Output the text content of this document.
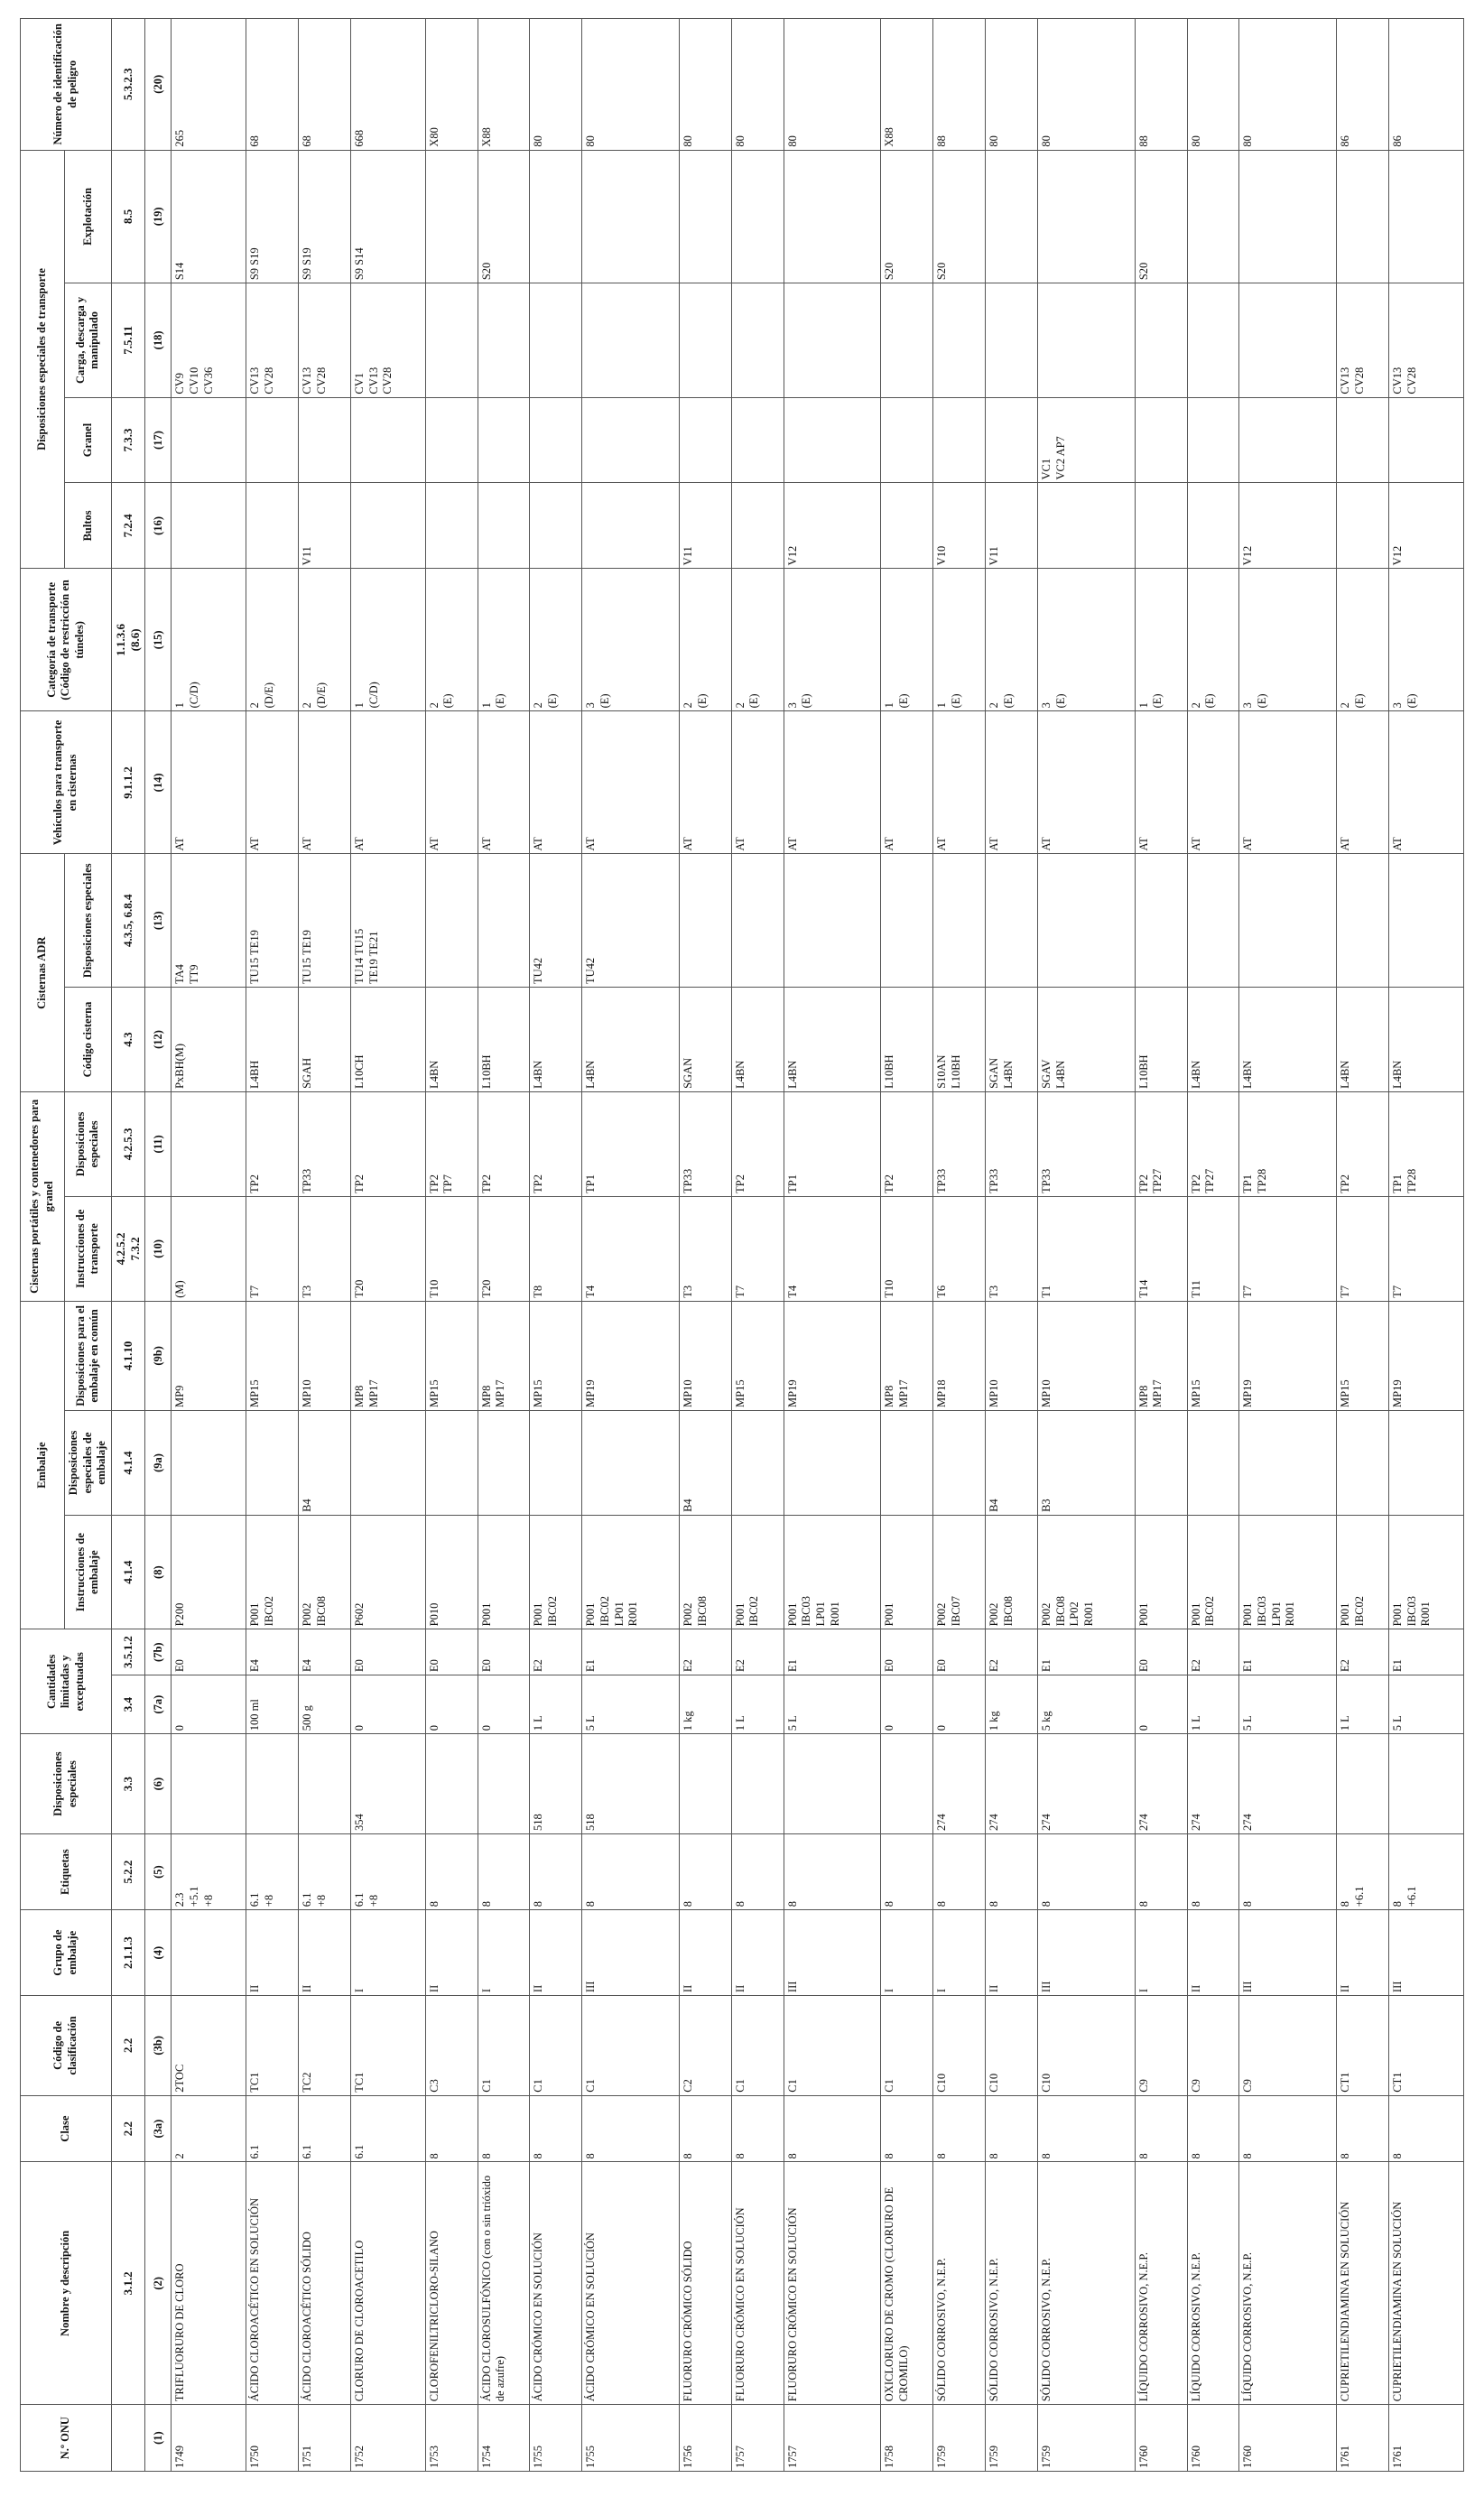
N.º ONU	Nombre y descripción	Clase	Código de clasificación	Grupo de embalaje	Etiquetas	Disposiciones especiales	Cantidades limitadas y exceptuadas		Embalaje			Cisternas portátiles y contenedores para granel		Cisternas ADR		Vehículos para transporte en cisternas	Categoría de transporte (Código de restricción en túneles)	Disposiciones especiales de transporte				Número de identificación de peligro
									Instrucciones de embalaje	Disposiciones especiales de embalaje	Disposiciones para el embalaje en común	Instrucciones de transporte	Disposiciones especiales	Código cisterna	Disposiciones especiales			Bultos	Granel	Carga, descarga y manipulado	Explotación	
	3.1.2	2.2	2.2	2.1.1.3	5.2.2	3.3	3.4	3.5.1.2	4.1.4	4.1.4	4.1.10	4.2.5.2
7.3.2	4.2.5.3	4.3	4.3.5, 6.8.4	9.1.1.2	1.1.3.6
(8.6)	7.2.4	7.3.3	7.5.11	8.5	5.3.2.3
(1)	(2)	(3a)	(3b)	(4)	(5)	(6)	(7a)	(7b)	(8)	(9a)	(9b)	(10)	(11)	(12)	(13)	(14)	(15)	(16)	(17)	(18)	(19)	(20)
1749	TRIFLUORURO DE CLORO	2	2TOC		2.3
+5.1
+8		0	E0	P200		MP9	(M)		PxBH(M)	TA4
TT9	AT	1
(C/D)			CV9
CV10
CV36	S14	265
1750	ÁCIDO CLOROACÉTICO EN SOLUCIÓN	6.1	TC1	II	6.1
+8		100 ml	E4	P001
IBC02		MP15	T7	TP2	L4BH	TU15 TE19	AT	2
(D/E)			CV13
CV28	S9 S19	68
1751	ÁCIDO CLOROACÉTICO SÓLIDO	6.1	TC2	II	6.1
+8		500 g	E4	P002
IBC08	B4	MP10	T3	TP33	SGAH	TU15 TE19	AT	2
(D/E)	V11		CV13
CV28	S9 S19	68
1752	CLORURO DE CLOROACETILO	6.1	TC1	I	6.1
+8	354	0	E0	P602		MP8
MP17	T20	TP2	L10CH	TU14 TU15
TE19 TE21	AT	1
(C/D)			CV1
CV13
CV28	S9 S14	668
1753	CLOROFENILTRICLORO-SILANO	8	C3	II	8		0	E0	P010		MP15	T10	TP2
TP7	L4BN		AT	2
(E)					X80
1754	ÁCIDO CLOROSULFÓNICO (con o sin trióxido de azufre)	8	C1	I	8		0	E0	P001		MP8
MP17	T20	TP2	L10BH		AT	1
(E)				S20	X88
1755	ÁCIDO CRÓMICO EN SOLUCIÓN	8	C1	II	8	518	1 L	E2	P001
IBC02		MP15	T8	TP2	L4BN	TU42	AT	2
(E)					80
1755	ÁCIDO CRÓMICO EN SOLUCIÓN	8	C1	III	8	518	5 L	E1	P001
IBC02
LP01
R001		MP19	T4	TP1	L4BN	TU42	AT	3
(E)					80
1756	FLUORURO CRÓMICO SÓLIDO	8	C2	II	8		1 kg	E2	P002
IBC08	B4	MP10	T3	TP33	SGAN		AT	2
(E)	V11				80
1757	FLUORURO CRÓMICO EN SOLUCIÓN	8	C1	II	8		1 L	E2	P001
IBC02		MP15	T7	TP2	L4BN		AT	2
(E)					80
1757	FLUORURO CRÓMICO EN SOLUCIÓN	8	C1	III	8		5 L	E1	P001
IBC03
LP01
R001		MP19	T4	TP1	L4BN		AT	3
(E)	V12				80
1758	OXICLORURO DE CROMO (CLORURO DE CROMILO)	8	C1	I	8		0	E0	P001		MP8
MP17	T10	TP2	L10BH		AT	1
(E)				S20	X88
1759	SÓLIDO CORROSIVO, N.E.P.	8	C10	I	8	274	0	E0	P002
IBC07		MP18	T6	TP33	S10AN
L10BH		AT	1
(E)	V10			S20	88
1759	SÓLIDO CORROSIVO, N.E.P.	8	C10	II	8	274	1 kg	E2	P002
IBC08	B4	MP10	T3	TP33	SGAN
L4BN		AT	2
(E)	V11				80
1759	SÓLIDO CORROSIVO, N.E.P.	8	C10	III	8	274	5 kg	E1	P002
IBC08
LP02
R001	B3	MP10	T1	TP33	SGAV
L4BN		AT	3
(E)		VC1
VC2 AP7			80
1760	LÍQUIDO CORROSIVO, N.E.P.	8	C9	I	8	274	0	E0	P001		MP8
MP17	T14	TP2
TP27	L10BH		AT	1
(E)				S20	88
1760	LÍQUIDO CORROSIVO, N.E.P.	8	C9	II	8	274	1 L	E2	P001
IBC02		MP15	T11	TP2
TP27	L4BN		AT	2
(E)					80
1760	LÍQUIDO CORROSIVO, N.E.P.	8	C9	III	8	274	5 L	E1	P001
IBC03
LP01
R001		MP19	T7	TP1
TP28	L4BN		AT	3
(E)	V12				80
1761	CUPRIETILENDIAMINA EN SOLUCIÓN	8	CT1	II	8
+6.1		1 L	E2	P001
IBC02		MP15	T7	TP2	L4BN		AT	2
(E)			CV13
CV28		86
1761	CUPRIETILENDIAMINA EN SOLUCIÓN	8	CT1	III	8
+6.1		5 L	E1	P001
IBC03
R001		MP19	T7	TP1
TP28	L4BN		AT	3
(E)	V12		CV13
CV28		86
